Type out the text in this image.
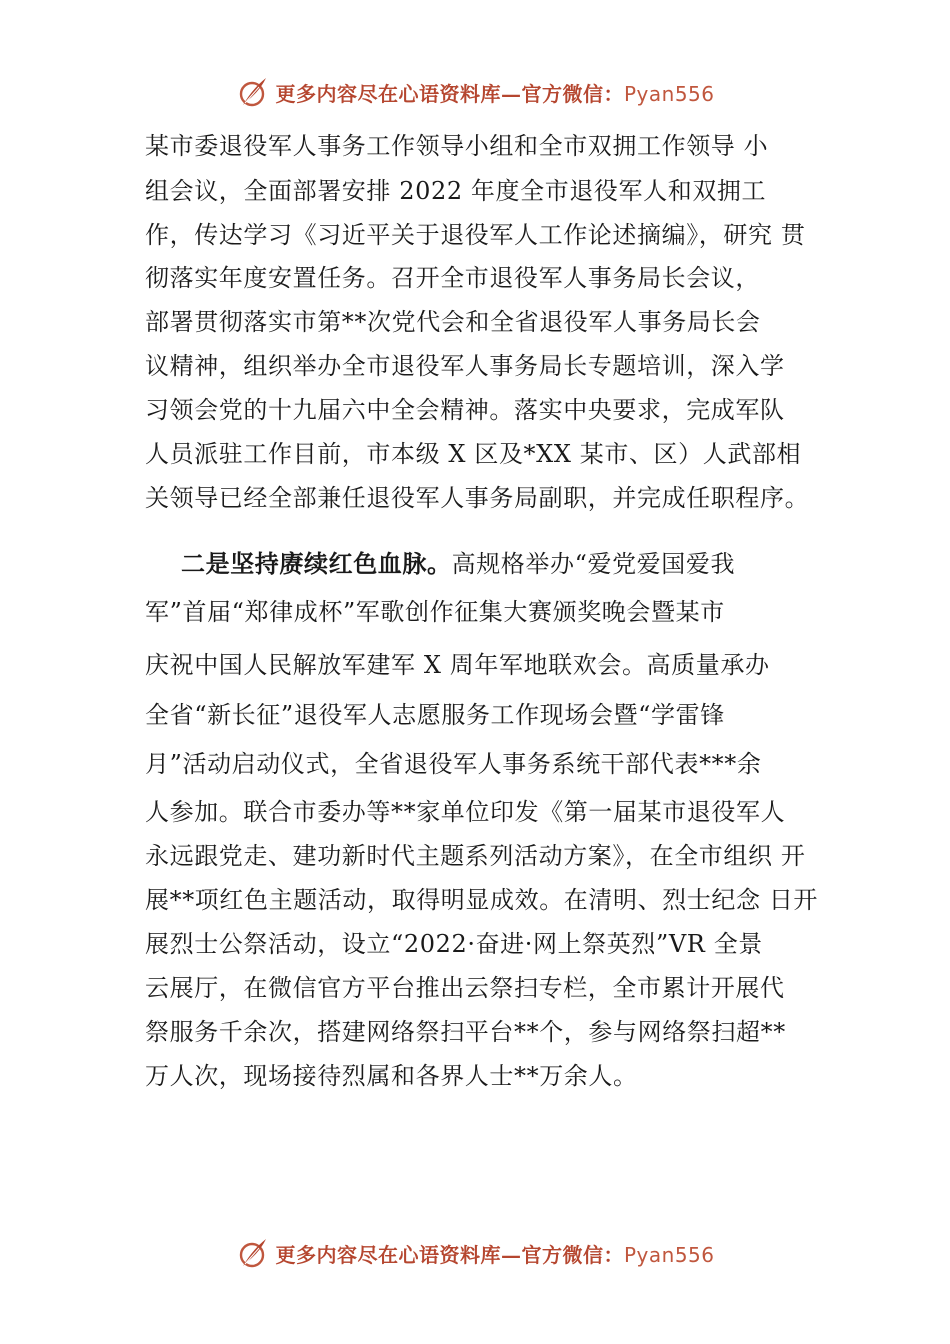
更多内容尽在心语资料库—官方微信：Pyan556
某市委退役军人事务工作领导小组和全市双拥工作领导 小
组会议，全面部署安排 2022 年度全市退役军人和双拥工
作，传达学习《习近平关于退役军人工作论述摘编》，研究 贯
彻落实年度安置任务。召开全市退役军人事务局长会议，
部署贯彻落实市第**次党代会和全省退役军人事务局长会
议精神，组织举办全市退役军人事务局长专题培训，深入学
习领会党的十九届六中全会精神。落实中央要求，完成军队
人员派驻工作目前，市本级 X 区及*XX 某市、区）人武部相
关领导已经全部兼任退役军人事务局副职，并完成任职程序。
二是坚持赓续红色血脉。高规格举办“爱党爱国爱我
军”首届“郑律成杯”军歌创作征集大赛颁奖晚会暨某市
庆祝中国人民解放军建军 X 周年军地联欢会。高质量承办
全省“新长征”退役军人志愿服务工作现场会暨“学雷锋
月”活动启动仪式，全省退役军人事务系统干部代表***余
人参加。联合市委办等**家单位印发《第一届某市退役军人
永远跟党走、建功新时代主题系列活动方案》，在全市组织 开
展**项红色主题活动，取得明显成效。在清明、烈士纪念 日开
展烈士公祭活动，设立“2022·奋进·网上祭英烈”VR 全景
云展厅，在微信官方平台推出云祭扫专栏，全市累计开展代
祭服务千余次，搭建网络祭扫平台**个，参与网络祭扫超**
万人次，现场接待烈属和各界人士**万余人。
更多内容尽在心语资料库—官方微信：Pyan556
